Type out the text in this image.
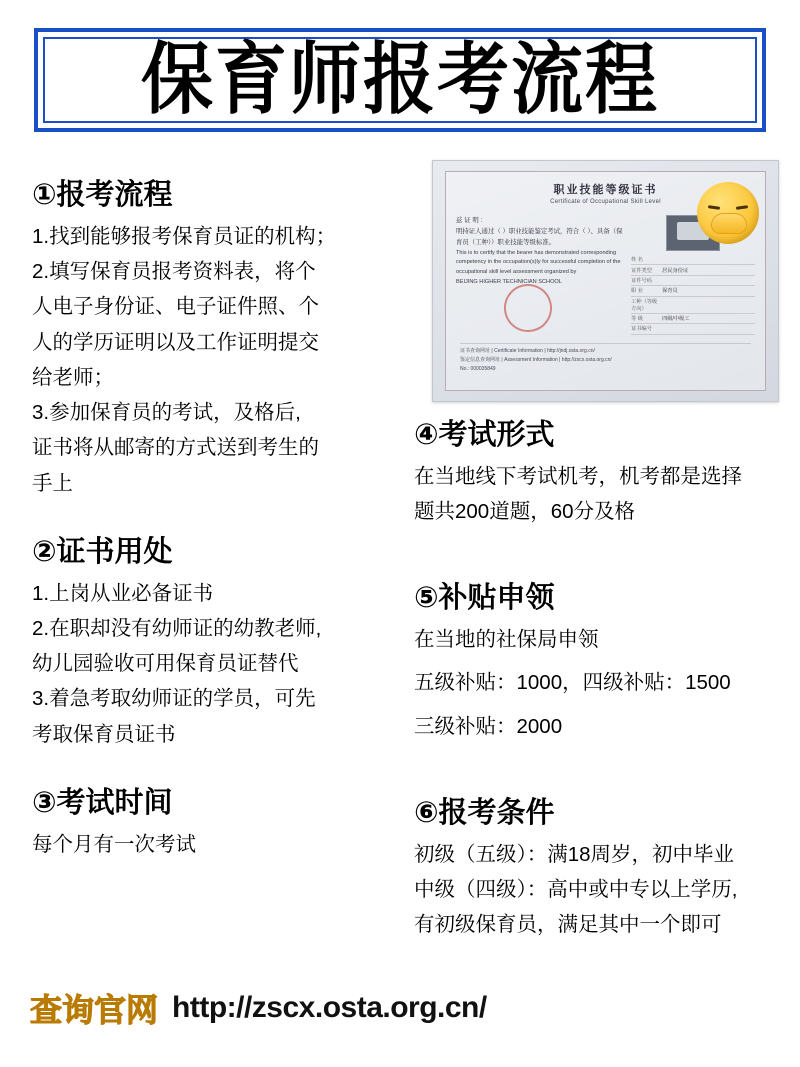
保育师报考流程
职业技能等级证书
Certificate of Occupational Skill Level
兹 证 明 :
明持证人通过（ ）职业技能鉴定考试，符合（ ）、具备（保育员（工种））职业技能等级标准。
This is to certify that the bearer has demonstrated corresponding competency in the occupation(s)ly for successful completion of the occupational skill level assessment organized by
BEIJING HIGHER TECHNICIAN SCHOOL
姓 名
证件类型	居民身份证
证件号码
职 业	保育员
工种（等级方向）
等 级	四级/中级工
证书编号
证书查询网址 | Certificate Information | http://jndj.osta.org.cn/
鉴定信息查询网址 | Assessment Information | http://zscx.osta.org.cn/
No.: 000035849
①报考流程
1.找到能够报考保育员证的机构；
2.填写保育员报考资料表，将个
人电子身份证、电子证件照、个
人的学历证明以及工作证明提交
给老师；
3.参加保育员的考试，及格后,
证书将从邮寄的方式送到考生的
手上
②证书用处
1.上岗从业必备证书
2.在职却没有幼师证的幼教老师,
幼儿园验收可用保育员证替代
3.着急考取幼师证的学员，可先
考取保育员证书
③考试时间
每个月有一次考试
④考试形式
在当地线下考试机考，机考都是选择
题共200道题，60分及格
⑤补贴申领
在当地的社保局申领
五级补贴：1000，四级补贴：1500
三级补贴：2000
⑥报考条件
初级（五级）：满18周岁，初中毕业
中级（四级）：高中或中专以上学历,
有初级保育员，满足其中一个即可
查询官网 http://zscx.osta.org.cn/
